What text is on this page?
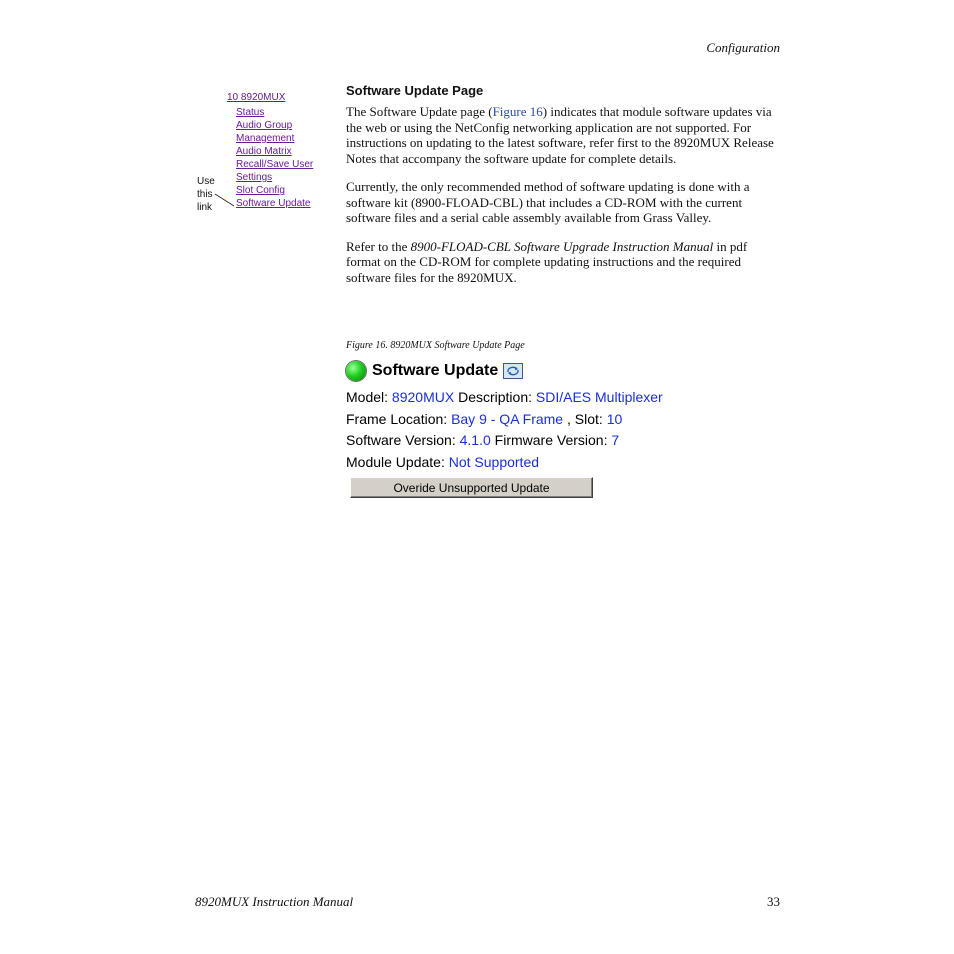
Configuration
10 8920MUX
Status
Audio Group
Management
Audio Matrix
Recall/Save User
Settings
Slot Config
Software Update
Use
this
link
Software Update Page

The Software Update page (Figure 16) indicates that module software updates via the web or using the NetConfig networking application are not supported. For instructions on updating to the latest software, refer first to the 8920MUX Release Notes that accompany the software update for complete details.

Currently, the only recommended method of software updating is done with a software kit (8900-FLOAD-CBL) that includes a CD-ROM with the current software files and a serial cable assembly available from Grass Valley.

Refer to the 8900-FLOAD-CBL Software Upgrade Instruction Manual in pdf format on the CD-ROM for complete updating instructions and the required software files for the 8920MUX.

Figure 16. 8920MUX Software Update Page
Software Update
Model: 8920MUX Description: SDI/AES Multiplexer
Frame Location: Bay 9 - QA Frame , Slot: 10
Software Version: 4.1.0 Firmware Version: 7
Module Update: Not Supported
Overide Unsupported Update
8920MUX Instruction Manual	33
